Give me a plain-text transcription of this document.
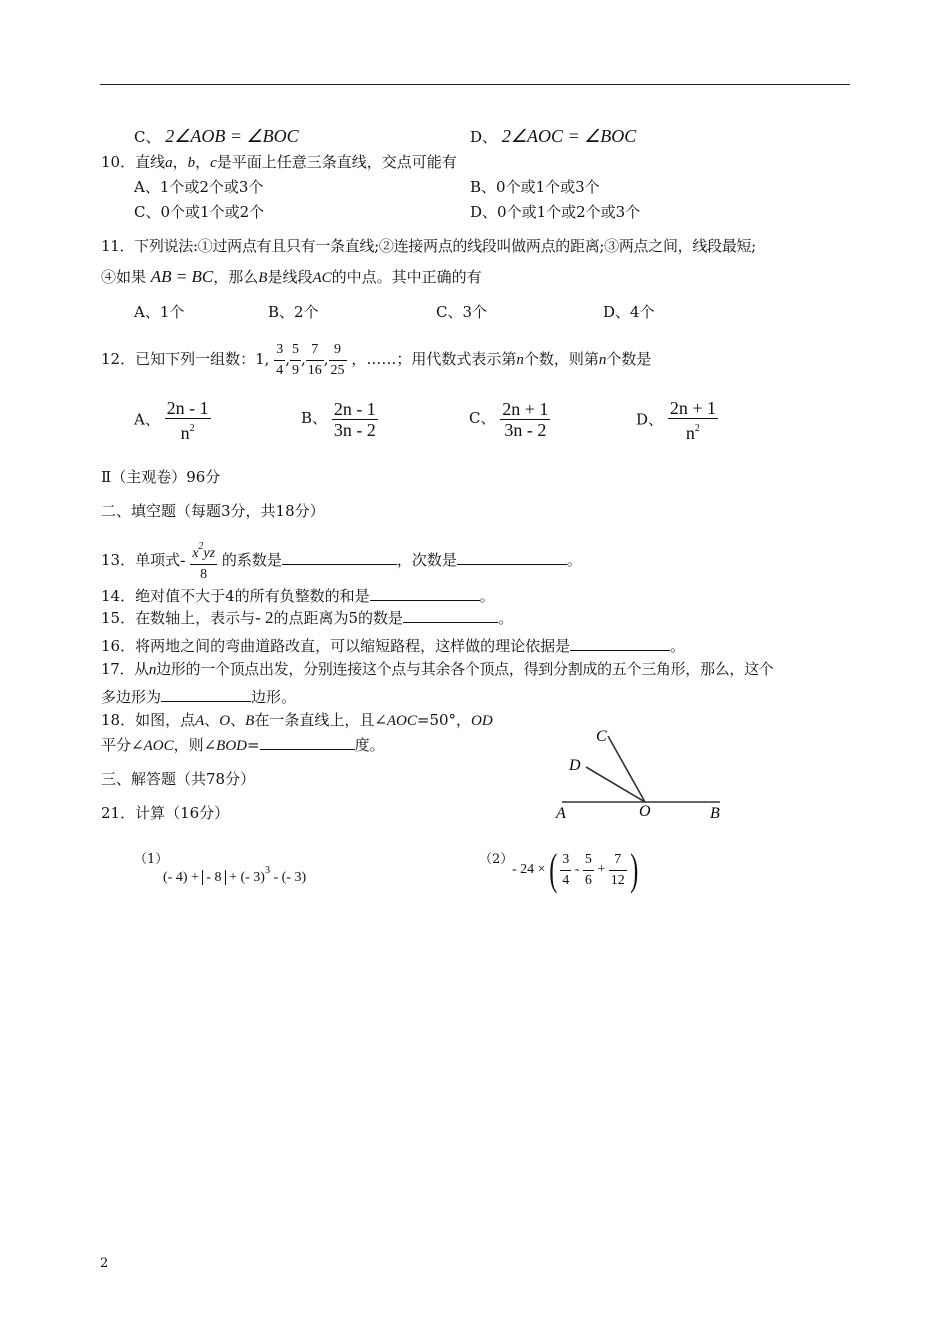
C、 2∠AOB = ∠BOC	D、 2∠AOC = ∠BOC
10．直线a，b，c是平面上任意三条直线，交点可能有
A、1个或2个或3个	B、0个或1个或3个
C、0个或1个或2个	D、0个或1个或2个或3个
11．下列说法:①过两点有且只有一条直线;②连接两点的线段叫做两点的距离;③两点之间，线段最短;
④如果 AB = BC，那么B是线段AC的中点。其中正确的有
A、1个	B、2个	C、3个	D、4个
12．已知下列一组数：1, $\frac{3}{4}$ , $\frac{5}{9}$ , $\frac{7}{16}$ , $\frac{9}{25}$ ，……；用代数式表示第n个数，则第n个数是
A、 $\frac{2n - 1}{n^2}$	B、 $\frac{2n - 1}{3n - 2}$	C、 $\frac{2n + 1}{3n - 2}$	D、 $\frac{2n + 1}{n^2}$
Ⅱ（主观卷）96分
二、填空题（每题3分，共18分）
13．单项式- $\frac{x^2yz}{8}$ 的系数是	，次数是	。
14．绝对值不大于4的所有负整数的和是	。
15．在数轴上，表示与- 2的点距离为5的数是	。
16．将两地之间的弯曲道路改直，可以缩短路程，这样做的理论依据是	。
17．从n边形的一个顶点出发，分别连接这个点与其余各个顶点，得到分割成的五个三角形，那么，这个
多边形为	边形。
18．如图，点A、O、B在一条直线上，且∠AOC=50°，OD
平分∠AOC，则∠BOD=	度。
A	O	B
C
D
三、解答题（共78分）
21．计算（16分）
（1）
(- 4) + - 8 + (- 3)$^3$ - (- 3)
（2）
- 24 ×( $\frac{3}{4} - \frac{5}{6} + \frac{7}{12}$ )
2
